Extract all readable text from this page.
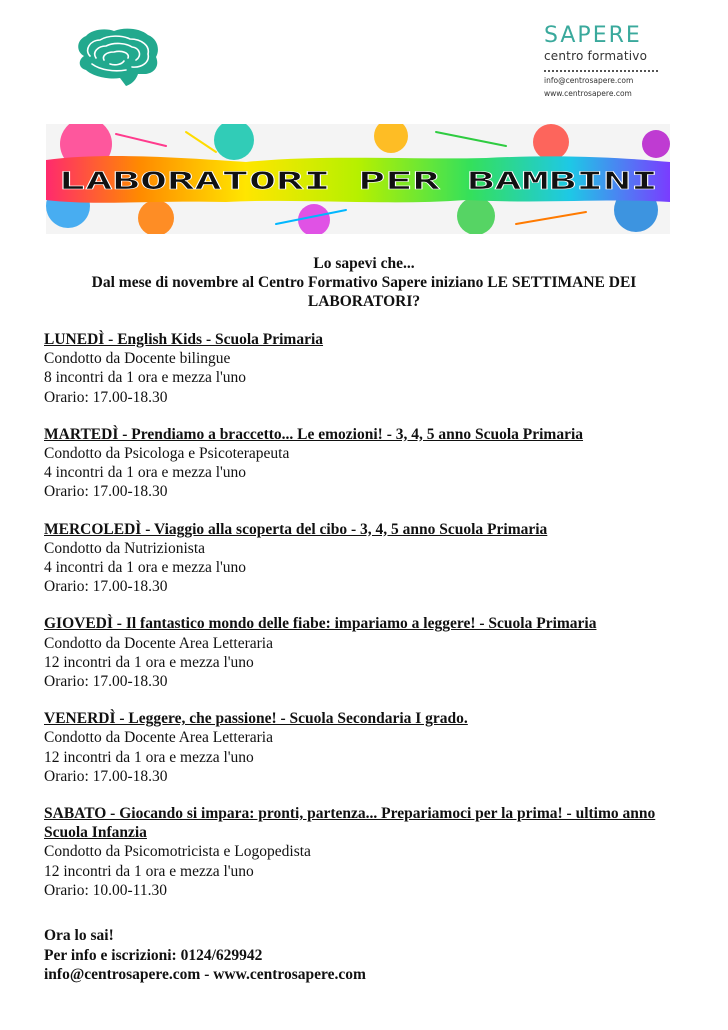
SAPERE
centro formativo
info@centrosapere.com
www.centrosapere.com
LABORATORI PER BAMBINI
Lo sapevi che...
Dal mese di novembre al Centro Formativo Sapere iniziano LE SETTIMANE DEI LABORATORI?
LUNEDÌ - English Kids - Scuola Primaria
Condotto da Docente bilingue
8 incontri da 1 ora e mezza l'uno
Orario: 17.00-18.30
MARTEDÌ - Prendiamo a braccetto... Le emozioni! - 3, 4, 5 anno Scuola Primaria
Condotto da Psicologa e Psicoterapeuta
4 incontri da 1 ora e mezza l'uno
Orario: 17.00-18.30
MERCOLEDÌ - Viaggio alla scoperta del cibo - 3, 4, 5 anno Scuola Primaria
Condotto da Nutrizionista
4 incontri da 1 ora e mezza l'uno
Orario: 17.00-18.30
GIOVEDÌ - Il fantastico mondo delle fiabe: impariamo a leggere! - Scuola Primaria
Condotto da Docente Area Letteraria
12 incontri da 1 ora e mezza l'uno
Orario: 17.00-18.30
VENERDÌ - Leggere, che passione! - Scuola Secondaria I grado.
Condotto da Docente Area Letteraria
12 incontri da 1 ora e mezza l'uno
Orario: 17.00-18.30
SABATO - Giocando si impara: pronti, partenza... Prepariamoci per la prima! - ultimo anno Scuola Infanzia
Condotto da Psicomotricista e Logopedista
12 incontri da 1 ora e mezza l'uno
Orario: 10.00-11.30
Ora lo sai!
Per info e iscrizioni: 0124/629942
info@centrosapere.com - www.centrosapere.com
